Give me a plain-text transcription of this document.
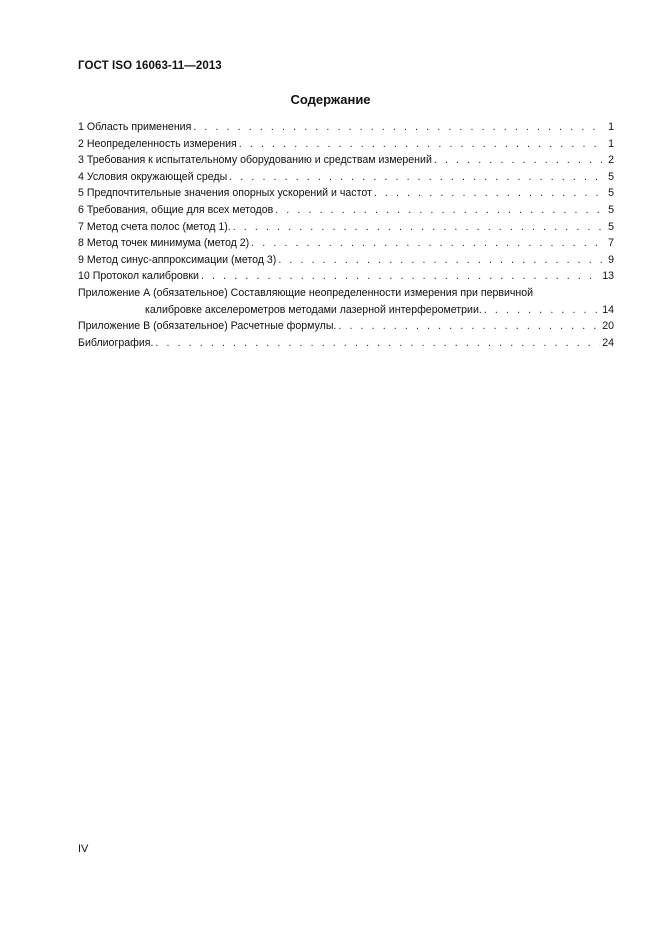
ГОСТ ISO 16063-11—2013
Содержание
1 Область применения . . .	1
2 Неопределенность измерения . . .	1
3 Требования к испытательному оборудованию и средствам измерений . . .	2
4 Условия окружающей среды . . .	5
5 Предпочтительные значения опорных ускорений и частот . . .	5
6 Требования, общие для всех методов . . .	5
7 Метод счета полос (метод 1). . . .	5
8 Метод точек минимума (метод 2) . . .	7
9 Метод синус-аппроксимации (метод 3) . . .	9
10 Протокол калибровки . . .	13
Приложение А (обязательное) Составляющие неопределенности измерения при первичной
калибровке акселерометров методами лазерной интерферометрии. . . .	14
Приложение В (обязательное) Расчетные формулы. . . .	20
Библиография. . . .	24
IV
